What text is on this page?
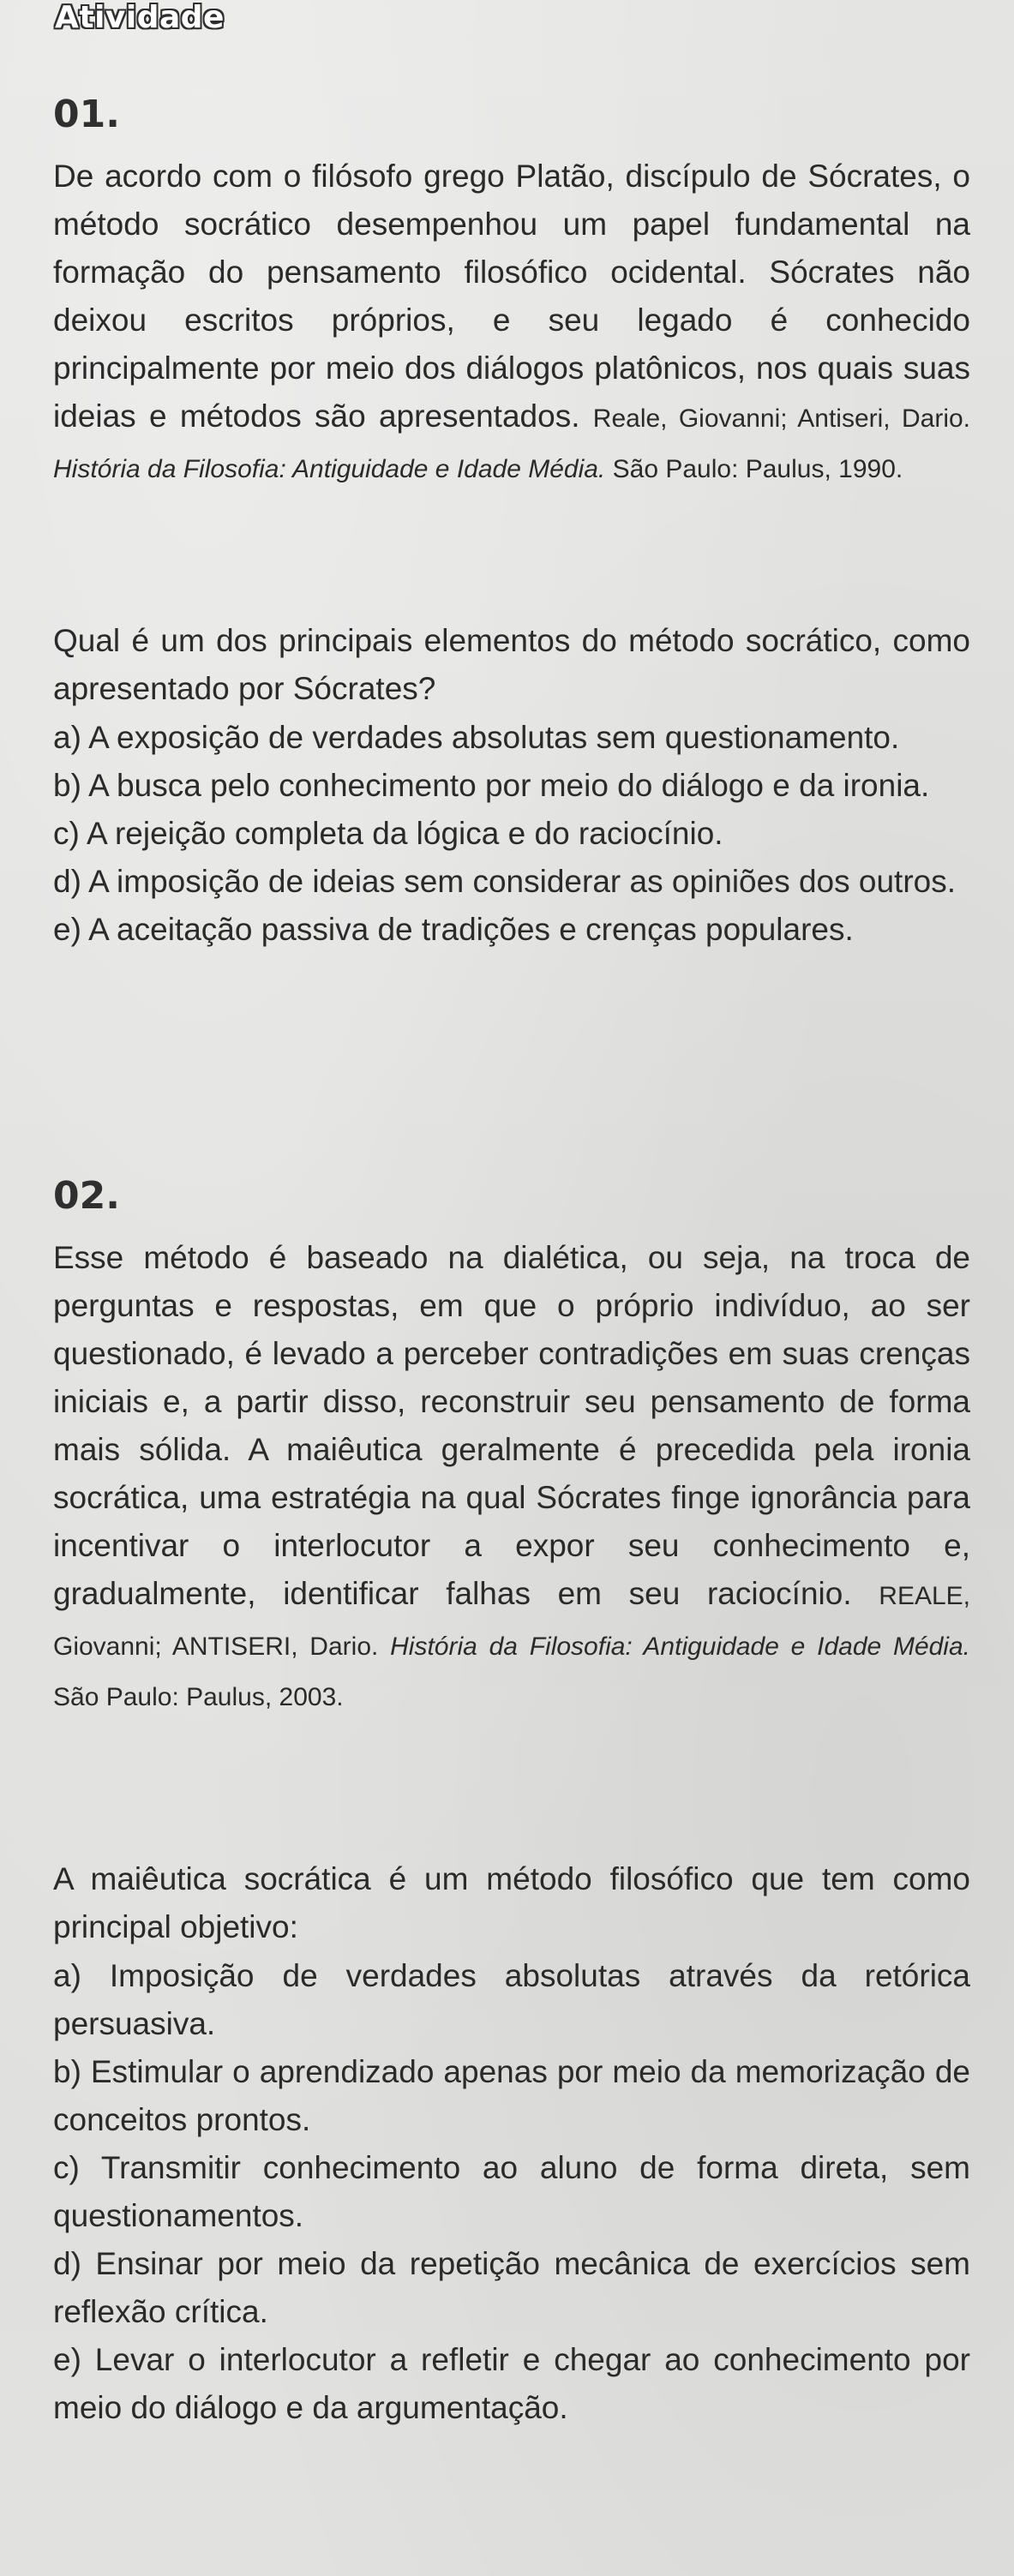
Atividade
01.

De acordo com o filósofo grego Platão, discípulo de Sócrates, o método socrático desempenhou um papel fundamental na formação do pensamento filosófico ocidental. Sócrates não deixou escritos próprios, e seu legado é conhecido principalmente por meio dos diálogos platônicos, nos quais suas ideias e métodos são apresentados. Reale, Giovanni; Antiseri, Dario. História da Filosofia: Antiguidade e Idade Média. São Paulo: Paulus, 1990.

Qual é um dos principais elementos do método socrático, como apresentado por Sócrates?
a) A exposição de verdades absolutas sem questionamento.
b) A busca pelo conhecimento por meio do diálogo e da ironia.
c) A rejeição completa da lógica e do raciocínio.
d) A imposição de ideias sem considerar as opiniões dos outros.
e) A aceitação passiva de tradições e crenças populares.
02.

Esse método é baseado na dialética, ou seja, na troca de perguntas e respostas, em que o próprio indivíduo, ao ser questionado, é levado a perceber contradições em suas crenças iniciais e, a partir disso, reconstruir seu pensamento de forma mais sólida. A maiêutica geralmente é precedida pela ironia socrática, uma estratégia na qual Sócrates finge ignorância para incentivar o interlocutor a expor seu conhecimento e, gradualmente, identificar falhas em seu raciocínio. REALE, Giovanni; ANTISERI, Dario. História da Filosofia: Antiguidade e Idade Média. São Paulo: Paulus, 2003.

A maiêutica socrática é um método filosófico que tem como principal objetivo:
a) Imposição de verdades absolutas através da retórica persuasiva.
b) Estimular o aprendizado apenas por meio da memorização de conceitos prontos.
c) Transmitir conhecimento ao aluno de forma direta, sem questionamentos.
d) Ensinar por meio da repetição mecânica de exercícios sem reflexão crítica.
e) Levar o interlocutor a refletir e chegar ao conhecimento por meio do diálogo e da argumentação.
